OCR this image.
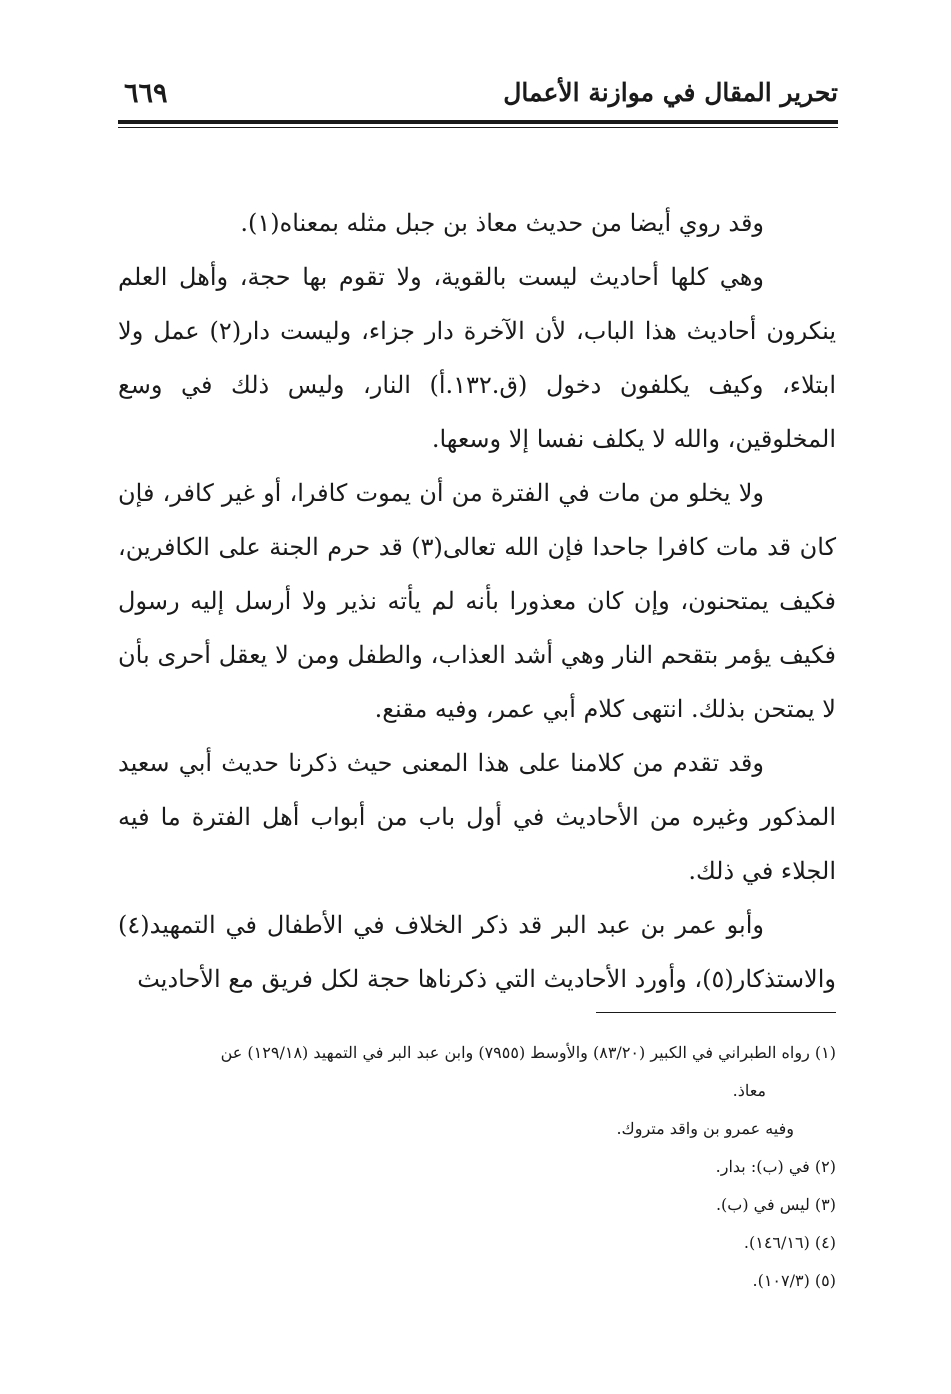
تحرير المقال في موازنة الأعمال
٦٦٩

وقد روي أيضا من حديث معاذ بن جبل مثله بمعناه(١).

وهي كلها أحاديث ليست بالقوية، ولا تقوم بها حجة، وأهل العلم ينكرون أحاديث هذا الباب، لأن الآخرة دار جزاء، وليست دار(٢) عمل ولا ابتلاء، وكيف يكلفون دخول (ق.١٣٢.أ) النار، وليس ذلك في وسع المخلوقين، والله لا يكلف نفسا إلا وسعها.

ولا يخلو من مات في الفترة من أن يموت كافرا، أو غير كافر، فإن كان قد مات كافرا جاحدا فإن الله تعالى(٣) قد حرم الجنة على الكافرين، فكيف يمتحنون، وإن كان معذورا بأنه لم يأته نذير ولا أرسل إليه رسول فكيف يؤمر بتقحم النار وهي أشد العذاب، والطفل ومن لا يعقل أحرى بأن لا يمتحن بذلك. انتهى كلام أبي عمر، وفيه مقنع.

وقد تقدم من كلامنا على هذا المعنى حيث ذكرنا حديث أبي سعيد المذكور وغيره من الأحاديث في أول باب من أبواب أهل الفترة ما فيه الجلاء في ذلك.

وأبو عمر بن عبد البر قد ذكر الخلاف في الأطفال في التمهيد(٤) والاستذكار(٥)، وأورد الأحاديث التي ذكرناها حجة لكل فريق مع الأحاديث

(١) رواه الطبراني في الكبير (٨٣/٢٠) والأوسط (٧٩٥٥) وابن عبد البر في التمهيد (١٢٩/١٨) عن

معاذ.

وفيه عمرو بن واقد متروك.

(٢) في (ب): بدار.

(٣) ليس في (ب).

(٤) (١٤٦/١٦).

(٥) (١٠٧/٣).
